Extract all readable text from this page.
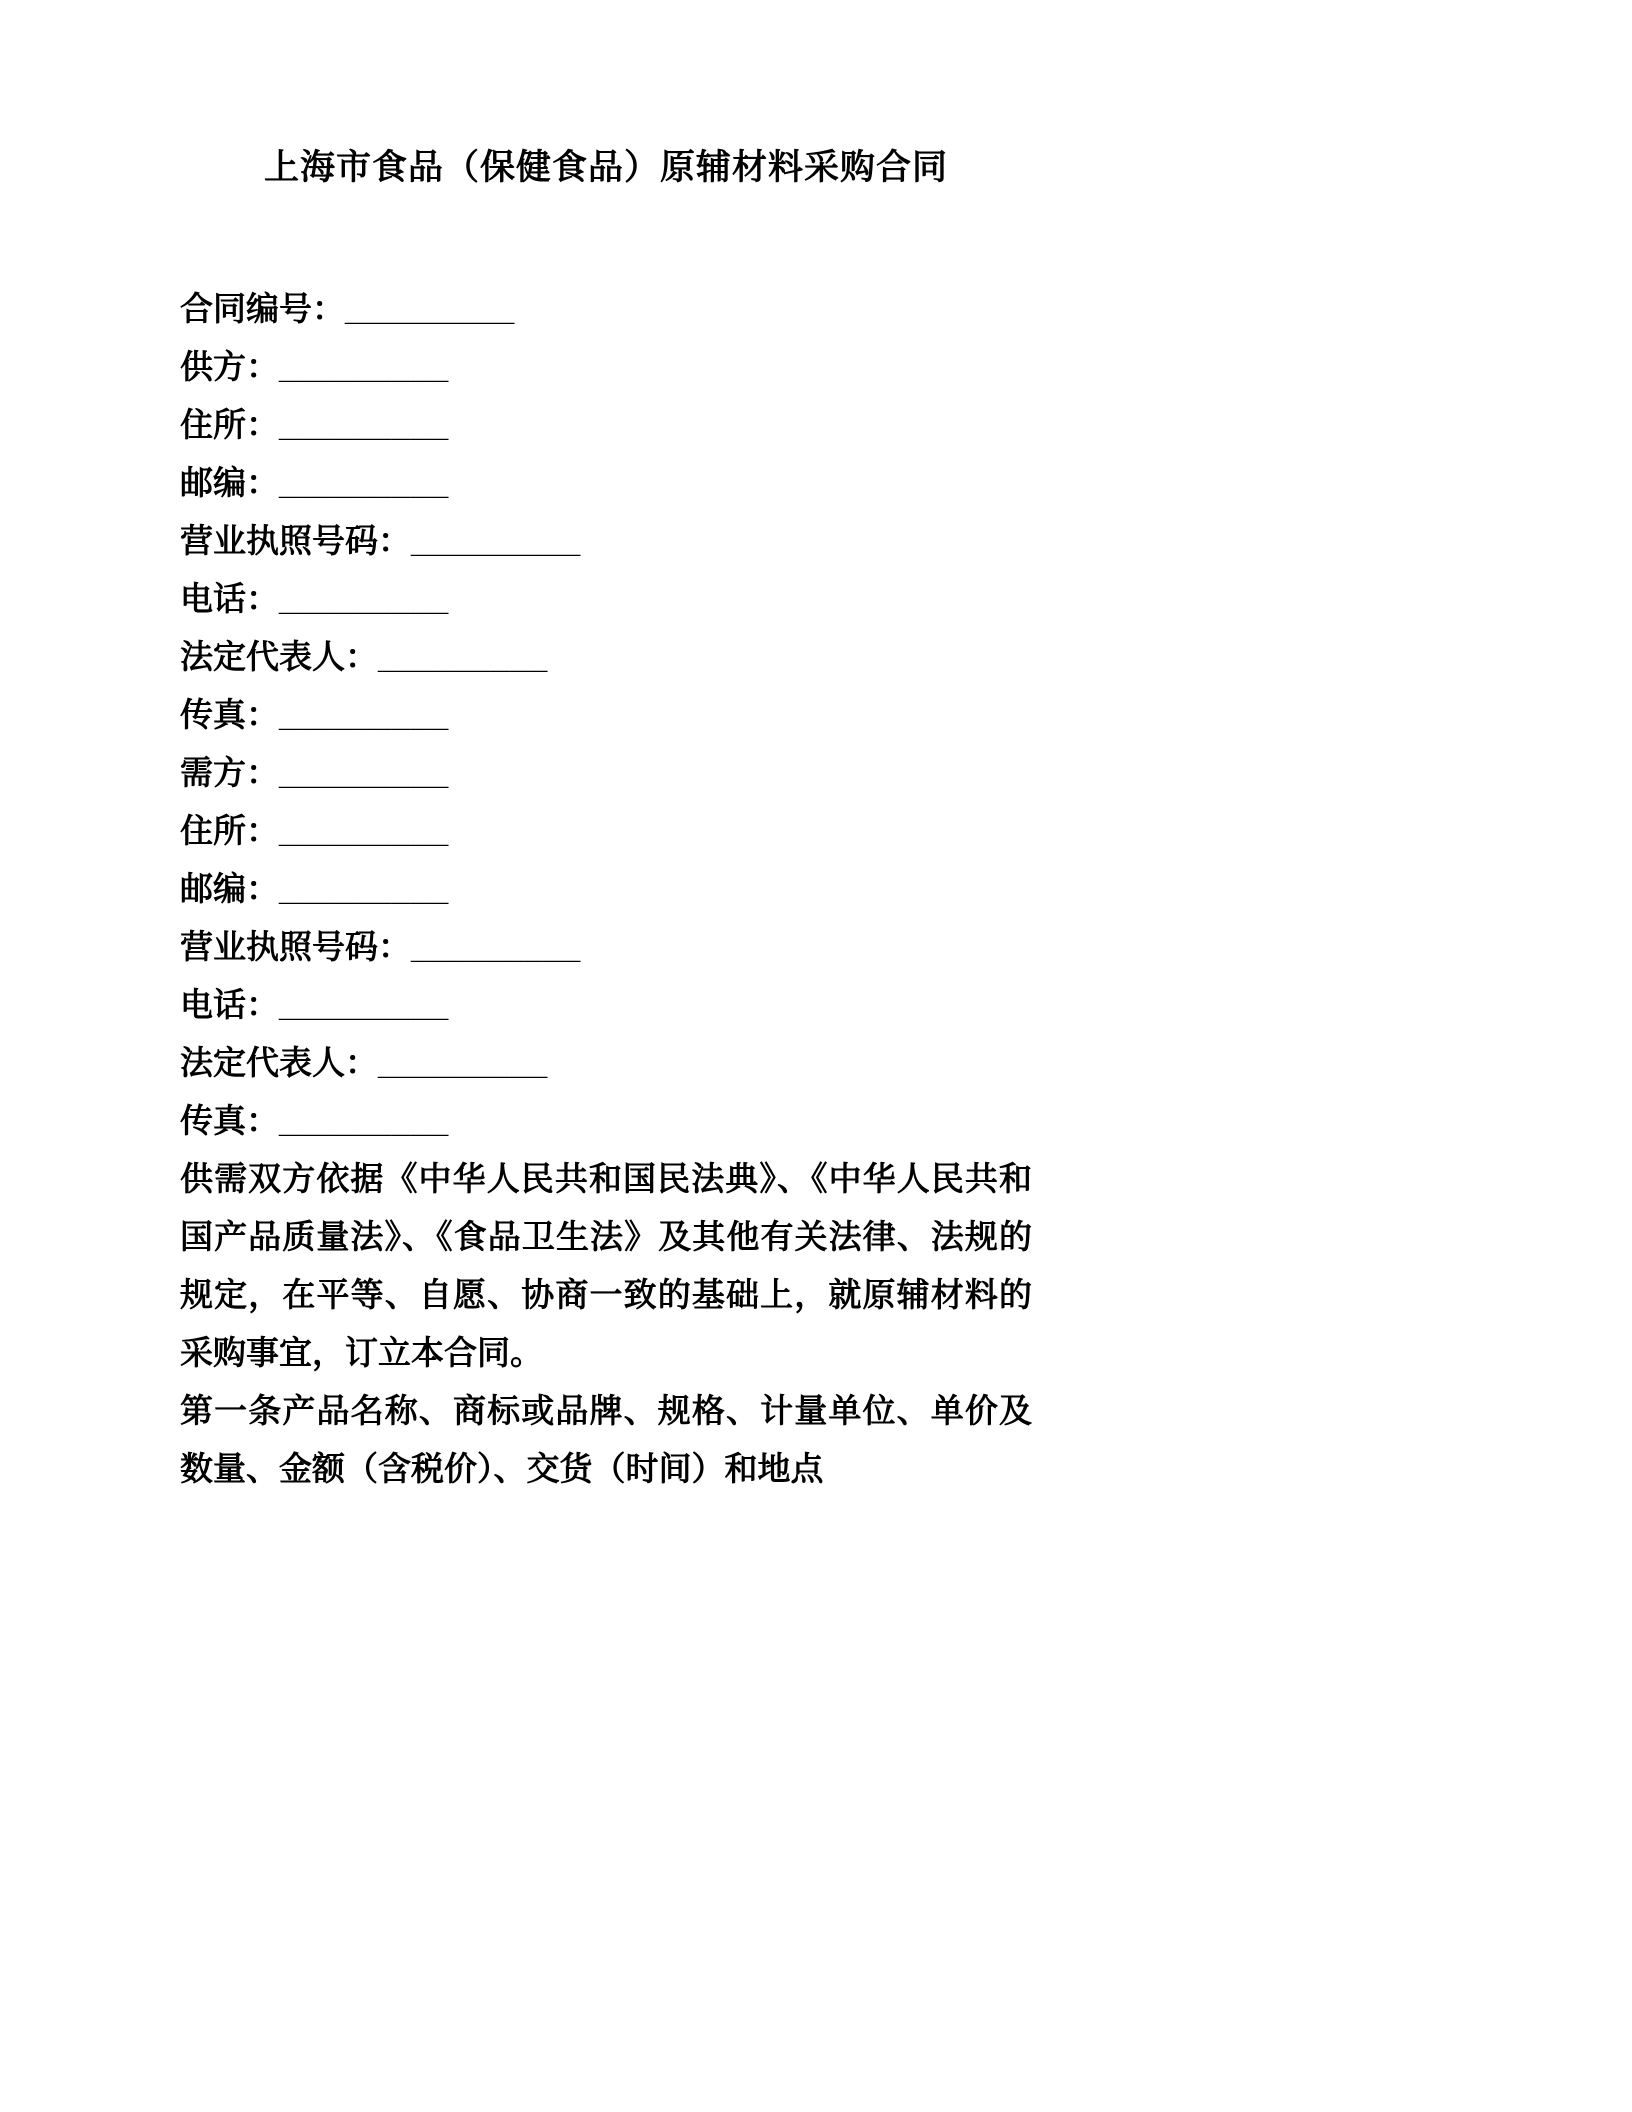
上海市食品（保健食品）原辅材料采购合同
合同编号：_________
供方：_________
住所：_________
邮编：_________
营业执照号码：_________
电话：_________
法定代表人：_________
传真：_________
需方：_________
住所：_________
邮编：_________
营业执照号码：_________
电话：_________
法定代表人：_________
传真：_________

供需双方依据《中华人民共和国民法典》、《中华人民共和国产品质量法》、《食品卫生法》及其他有关法律、法规的规定，在平等、自愿、协商一致的基础上，就原辅材料的采购事宜，订立本合同。

第一条产品名称、商标或品牌、规格、计量单位、单价及数量、金额（含税价）、交货（时间）和地点
